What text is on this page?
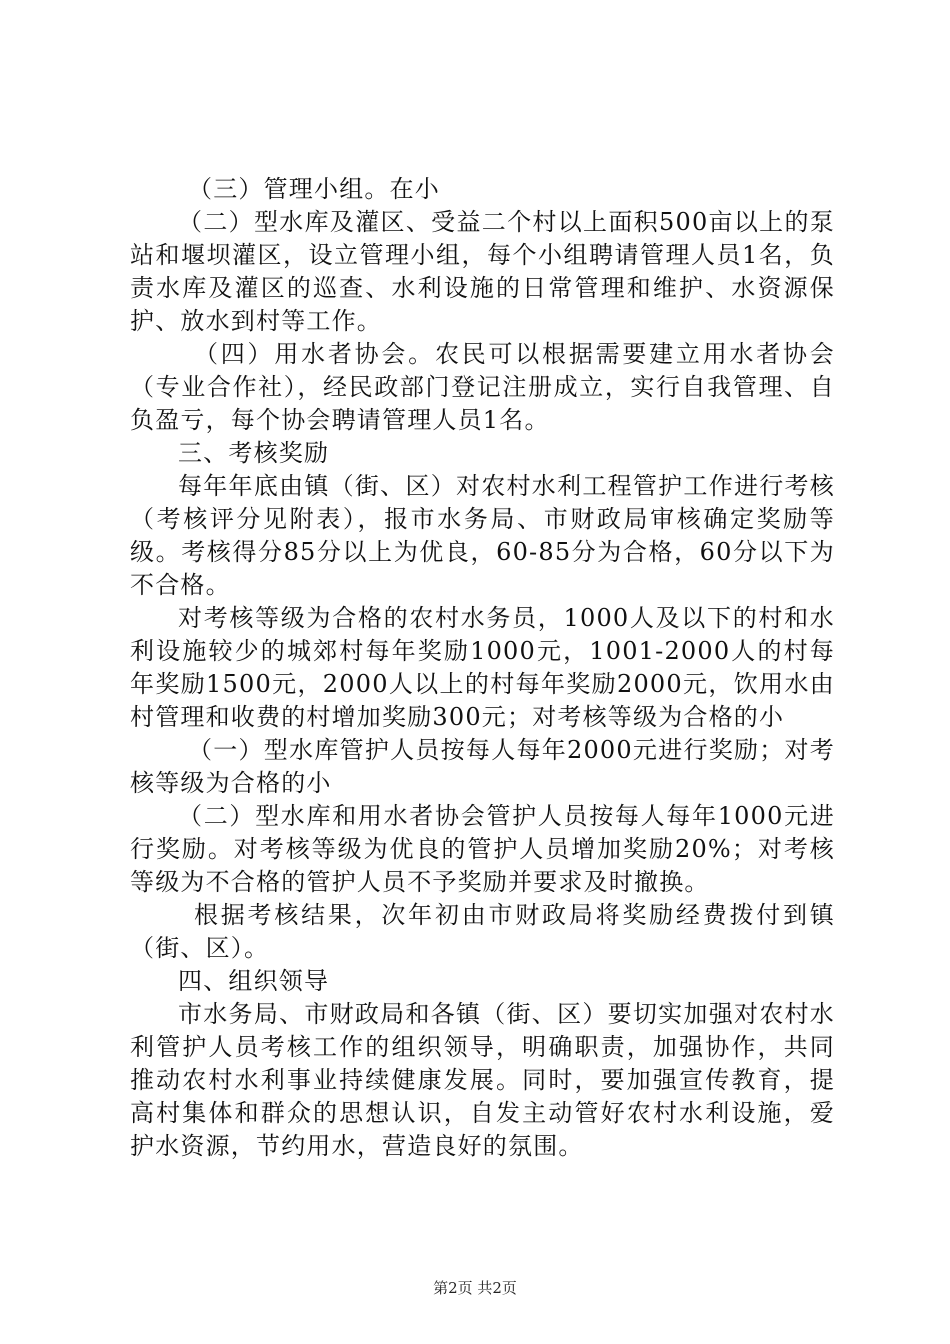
（三）管理小组。在小

（二）型水库及灌区、受益二个村以上面积500亩以上的泵站和堰坝灌区，设立管理小组，每个小组聘请管理人员1名，负责水库及灌区的巡查、水利设施的日常管理和维护、水资源保护、放水到村等工作。

（四）用水者协会。农民可以根据需要建立用水者协会（专业合作社），经民政部门登记注册成立，实行自我管理、自负盈亏，每个协会聘请管理人员1名。

三、考核奖励

每年年底由镇（街、区）对农村水利工程管护工作进行考核（考核评分见附表），报市水务局、市财政局审核确定奖励等级。考核得分85分以上为优良，60-85分为合格，60分以下为不合格。

对考核等级为合格的农村水务员，1000人及以下的村和水利设施较少的城郊村每年奖励1000元，1001-2000人的村每年奖励1500元，2000人以上的村每年奖励2000元，饮用水由村管理和收费的村增加奖励300元；对考核等级为合格的小

（一）型水库管护人员按每人每年2000元进行奖励；对考核等级为合格的小

（二）型水库和用水者协会管护人员按每人每年1000元进行奖励。对考核等级为优良的管护人员增加奖励20%；对考核等级为不合格的管护人员不予奖励并要求及时撤换。

根据考核结果，次年初由市财政局将奖励经费拨付到镇（街、区）。

四、组织领导

市水务局、市财政局和各镇（街、区）要切实加强对农村水利管护人员考核工作的组织领导，明确职责，加强协作，共同推动农村水利事业持续健康发展。同时，要加强宣传教育，提高村集体和群众的思想认识，自发主动管好农村水利设施，爱护水资源，节约用水，营造良好的氛围。

第2页 共2页
